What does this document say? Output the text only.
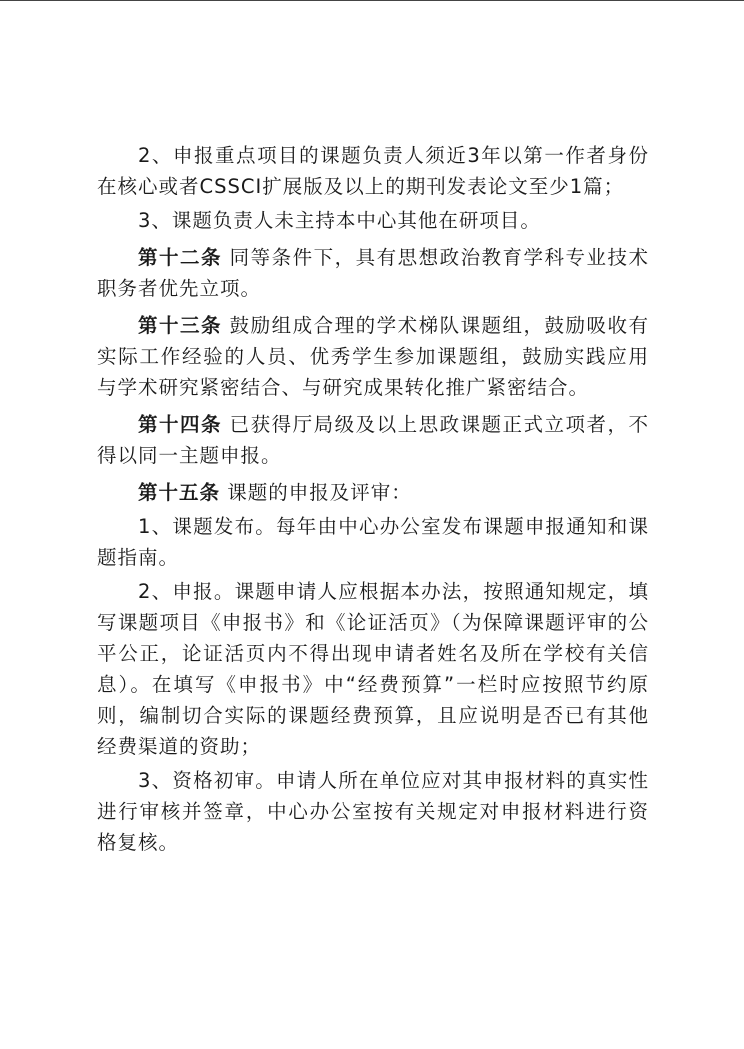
2、申报重点项目的课题负责人须近3年以第一作者身份在核心或者CSSCI扩展版及以上的期刊发表论文至少1篇；

3、课题负责人未主持本中心其他在研项目。

第十二条 同等条件下，具有思想政治教育学科专业技术职务者优先立项。

第十三条 鼓励组成合理的学术梯队课题组，鼓励吸收有实际工作经验的人员、优秀学生参加课题组，鼓励实践应用与学术研究紧密结合、与研究成果转化推广紧密结合。

第十四条 已获得厅局级及以上思政课题正式立项者，不得以同一主题申报。

第十五条 课题的申报及评审：

1、课题发布。每年由中心办公室发布课题申报通知和课题指南。

2、申报。课题申请人应根据本办法，按照通知规定，填写课题项目《申报书》和《论证活页》（为保障课题评审的公平公正，论证活页内不得出现申请者姓名及所在学校有关信息）。在填写《申报书》中“经费预算”一栏时应按照节约原则，编制切合实际的课题经费预算，且应说明是否已有其他经费渠道的资助；

3、资格初审。申请人所在单位应对其申报材料的真实性进行审核并签章，中心办公室按有关规定对申报材料进行资格复核。
